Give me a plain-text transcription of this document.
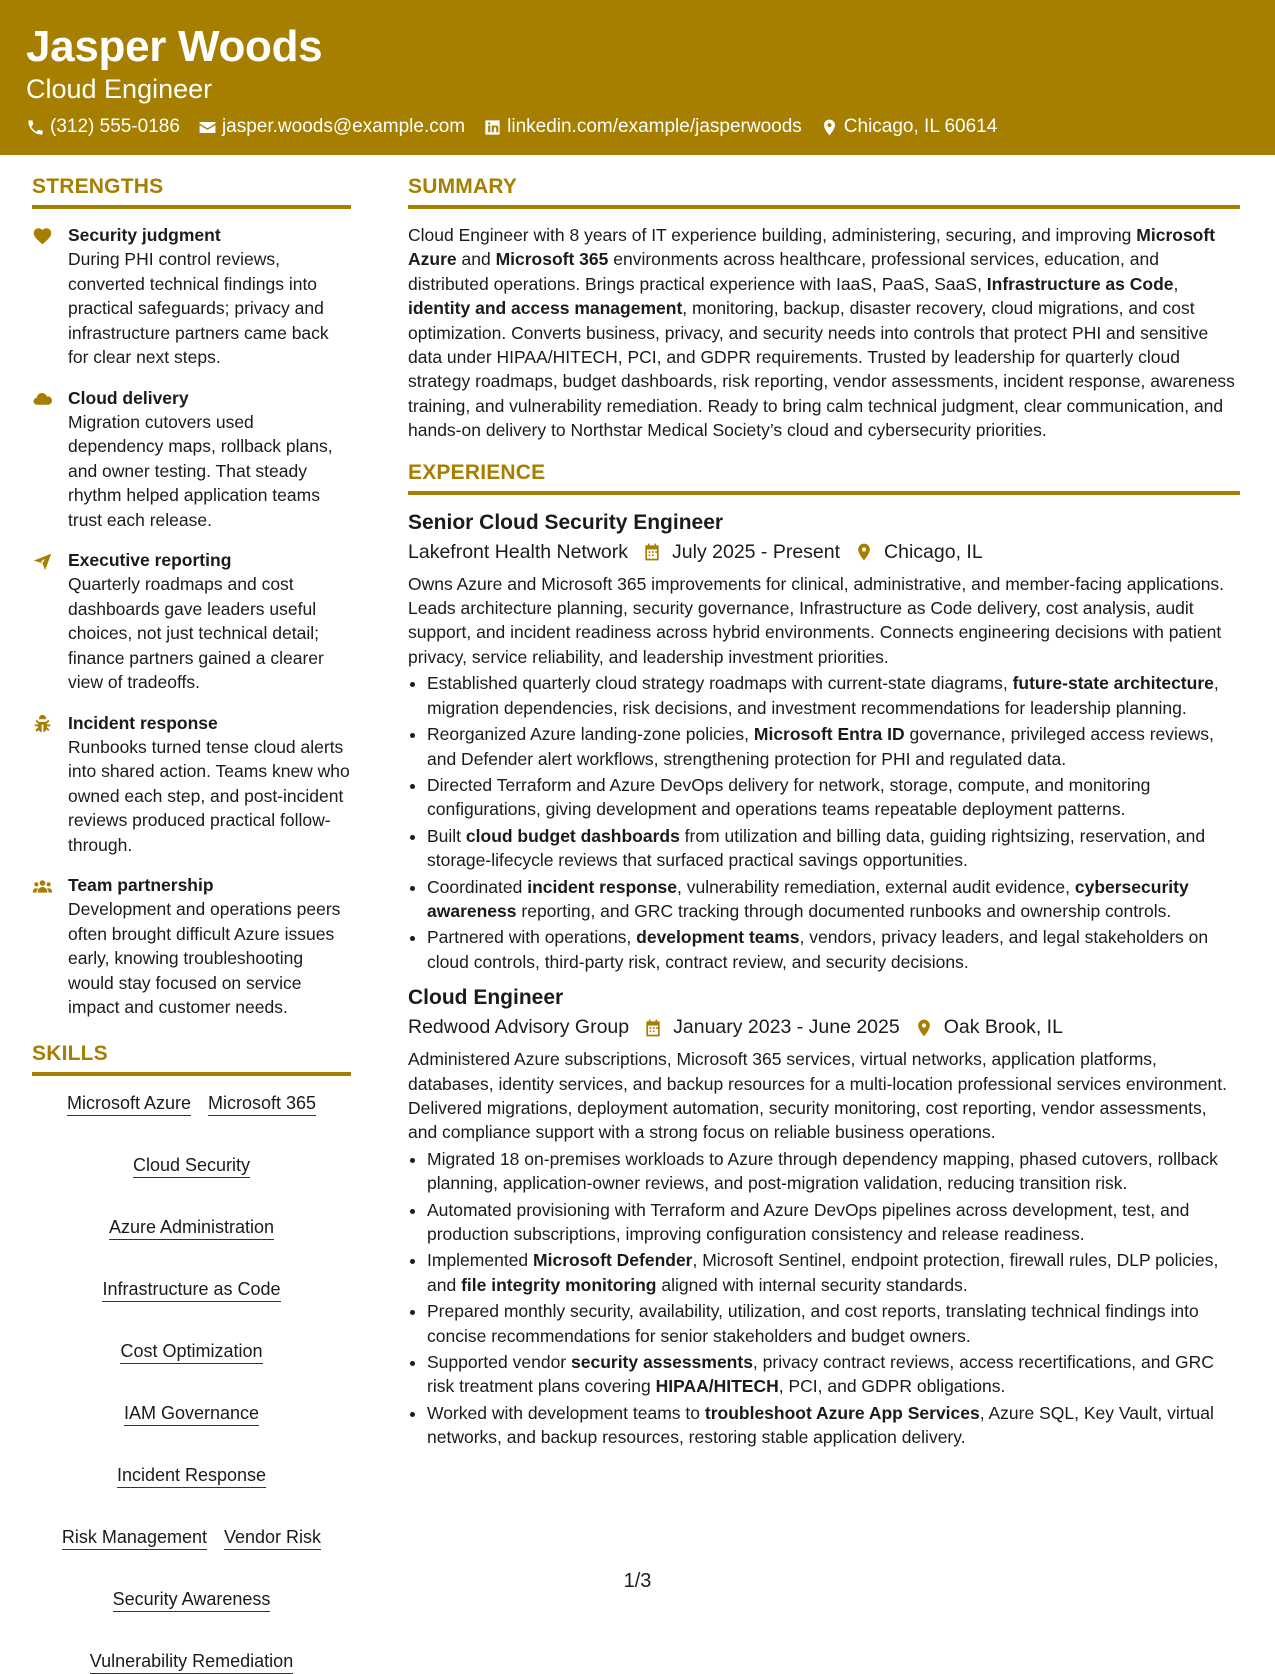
Jasper Woods
Cloud Engineer
(312) 555-0186 jasper.woods@example.com linkedin.com/example/jasperwoods Chicago, IL 60614
STRENGTHS
Security judgment
During PHI control reviews, converted technical findings into practical safeguards; privacy and infrastructure partners came back for clear next steps.
Cloud delivery
Migration cutovers used dependency maps, rollback plans, and owner testing. That steady rhythm helped application teams trust each release.
Executive reporting
Quarterly roadmaps and cost dashboards gave leaders useful choices, not just technical detail; finance partners gained a clearer view of tradeoffs.
Incident response
Runbooks turned tense cloud alerts into shared action. Teams knew who owned each step, and post-incident reviews produced practical follow-through.
Team partnership
Development and operations peers often brought difficult Azure issues early, knowing troubleshooting would stay focused on service impact and customer needs.
SKILLS
Microsoft Azure Microsoft 365
Cloud Security
Azure Administration
Infrastructure as Code
Cost Optimization
IAM Governance
Incident Response
Risk Management Vendor Risk
Security Awareness
Vulnerability Remediation
SUMMARY
Cloud Engineer with 8 years of IT experience building, administering, securing, and improving Microsoft Azure and Microsoft 365 environments across healthcare, professional services, education, and distributed operations. Brings practical experience with IaaS, PaaS, SaaS, Infrastructure as Code, identity and access management, monitoring, backup, disaster recovery, cloud migrations, and cost optimization. Converts business, privacy, and security needs into controls that protect PHI and sensitive data under HIPAA/HITECH, PCI, and GDPR requirements. Trusted by leadership for quarterly cloud strategy roadmaps, budget dashboards, risk reporting, vendor assessments, incident response, awareness training, and vulnerability remediation. Ready to bring calm technical judgment, clear communication, and hands-on delivery to Northstar Medical Society’s cloud and cybersecurity priorities.
EXPERIENCE
Senior Cloud Security Engineer
Lakefront Health Network July 2025 - Present Chicago, IL
Owns Azure and Microsoft 365 improvements for clinical, administrative, and member-facing applications. Leads architecture planning, security governance, Infrastructure as Code delivery, cost analysis, audit support, and incident readiness across hybrid environments. Connects engineering decisions with patient privacy, service reliability, and leadership investment priorities.
• Established quarterly cloud strategy roadmaps with current-state diagrams, future-state architecture, migration dependencies, risk decisions, and investment recommendations for leadership planning.
• Reorganized Azure landing-zone policies, Microsoft Entra ID governance, privileged access reviews, and Defender alert workflows, strengthening protection for PHI and regulated data.
• Directed Terraform and Azure DevOps delivery for network, storage, compute, and monitoring configurations, giving development and operations teams repeatable deployment patterns.
• Built cloud budget dashboards from utilization and billing data, guiding rightsizing, reservation, and storage-lifecycle reviews that surfaced practical savings opportunities.
• Coordinated incident response, vulnerability remediation, external audit evidence, cybersecurity awareness reporting, and GRC tracking through documented runbooks and ownership controls.
• Partnered with operations, development teams, vendors, privacy leaders, and legal stakeholders on cloud controls, third-party risk, contract review, and security decisions.
Cloud Engineer
Redwood Advisory Group January 2023 - June 2025 Oak Brook, IL
Administered Azure subscriptions, Microsoft 365 services, virtual networks, application platforms, databases, identity services, and backup resources for a multi-location professional services environment. Delivered migrations, deployment automation, security monitoring, cost reporting, vendor assessments, and compliance support with a strong focus on reliable business operations.
• Migrated 18 on-premises workloads to Azure through dependency mapping, phased cutovers, rollback planning, application-owner reviews, and post-migration validation, reducing transition risk.
• Automated provisioning with Terraform and Azure DevOps pipelines across development, test, and production subscriptions, improving configuration consistency and release readiness.
• Implemented Microsoft Defender, Microsoft Sentinel, endpoint protection, firewall rules, DLP policies, and file integrity monitoring aligned with internal security standards.
• Prepared monthly security, availability, utilization, and cost reports, translating technical findings into concise recommendations for senior stakeholders and budget owners.
• Supported vendor security assessments, privacy contract reviews, access recertifications, and GRC risk treatment plans covering HIPAA/HITECH, PCI, and GDPR obligations.
• Worked with development teams to troubleshoot Azure App Services, Azure SQL, Key Vault, virtual networks, and backup resources, restoring stable application delivery.
1/3
